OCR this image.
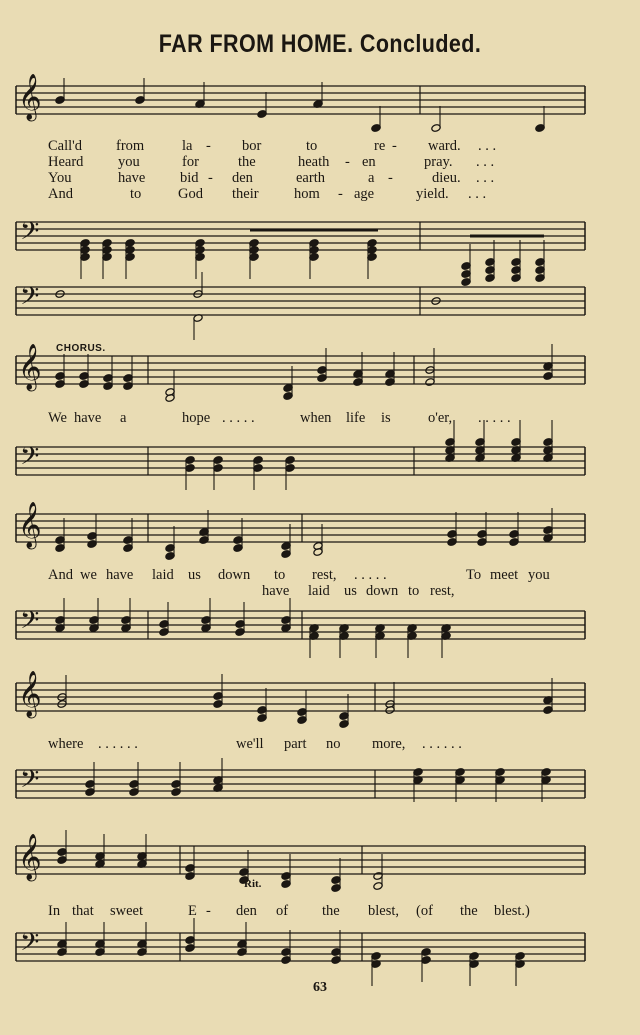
FAR FROM HOME. Concluded.
𝄞
𝄢
𝄢
𝄞
𝄢
𝄞
𝄢
𝄞
𝄢
𝄞
𝄢
Call'd from	la - bor	to	re - ward. . . .
Heard you	for	the	heath - en	pray. . . .
You	have bid - den	earth	a -	dieu. . . .
And	to	God their hom - age	yield. . . .
CHORUS.
We have a	hope . . . . .	when life is	o'er, . . . . .
And we have laid us down to rest, . . . . .	To meet you
have laid us down to rest,
where . . . . . .	we'll part no more, . . . . . .
In that sweet	E - den of the blest, (of the blest.)
Rit.
63
